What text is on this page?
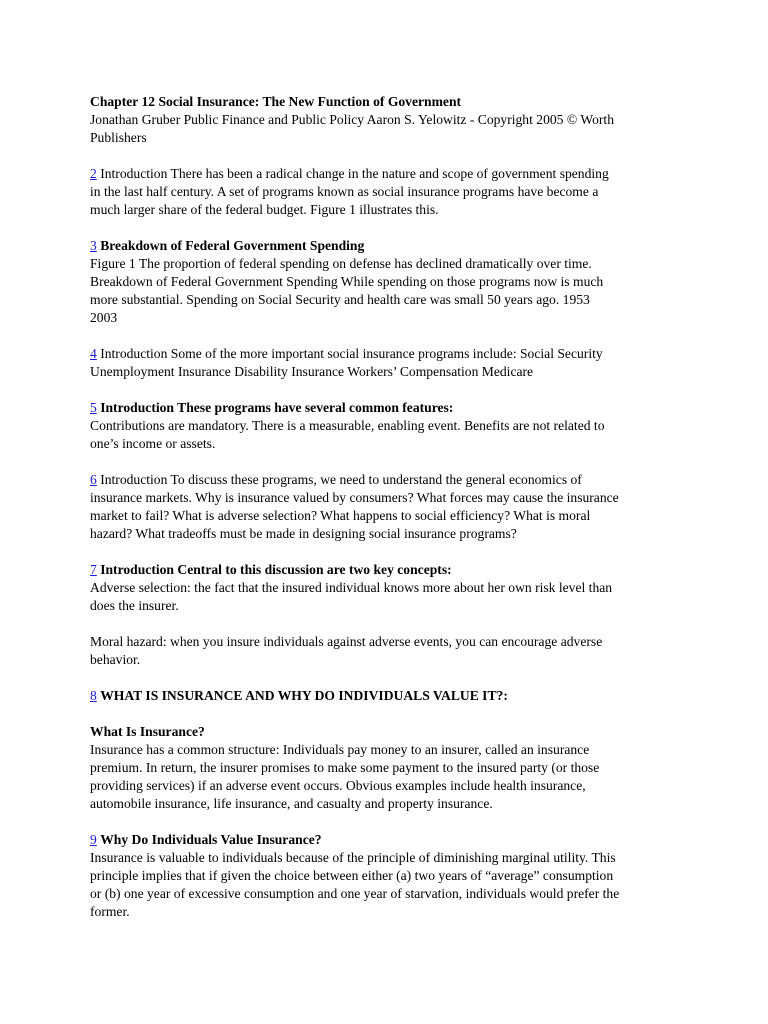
Chapter 12 Social Insurance: The New Function of Government
Jonathan Gruber Public Finance and Public Policy Aaron S. Yelowitz - Copyright 2005 © Worth
Publishers
2 Introduction There has been a radical change in the nature and scope of government spending
in the last half century. A set of programs known as social insurance programs have become a
much larger share of the federal budget. Figure 1 illustrates this.
3 Breakdown of Federal Government Spending
Figure 1 The proportion of federal spending on defense has declined dramatically over time.
Breakdown of Federal Government Spending While spending on those programs now is much
more substantial. Spending on Social Security and health care was small 50 years ago. 1953
2003
4 Introduction Some of the more important social insurance programs include: Social Security
Unemployment Insurance Disability Insurance Workers’ Compensation Medicare
5 Introduction These programs have several common features:
Contributions are mandatory. There is a measurable, enabling event. Benefits are not related to
one’s income or assets.
6 Introduction To discuss these programs, we need to understand the general economics of
insurance markets. Why is insurance valued by consumers? What forces may cause the insurance
market to fail? What is adverse selection? What happens to social efficiency? What is moral
hazard? What tradeoffs must be made in designing social insurance programs?
7 Introduction Central to this discussion are two key concepts:
Adverse selection: the fact that the insured individual knows more about her own risk level than
does the insurer.
Moral hazard: when you insure individuals against adverse events, you can encourage adverse
behavior.
8 WHAT IS INSURANCE AND WHY DO INDIVIDUALS VALUE IT?:
What Is Insurance?
Insurance has a common structure: Individuals pay money to an insurer, called an insurance
premium. In return, the insurer promises to make some payment to the insured party (or those
providing services) if an adverse event occurs. Obvious examples include health insurance,
automobile insurance, life insurance, and casualty and property insurance.
9 Why Do Individuals Value Insurance?
Insurance is valuable to individuals because of the principle of diminishing marginal utility. This
principle implies that if given the choice between either (a) two years of “average” consumption
or (b) one year of excessive consumption and one year of starvation, individuals would prefer the
former.
